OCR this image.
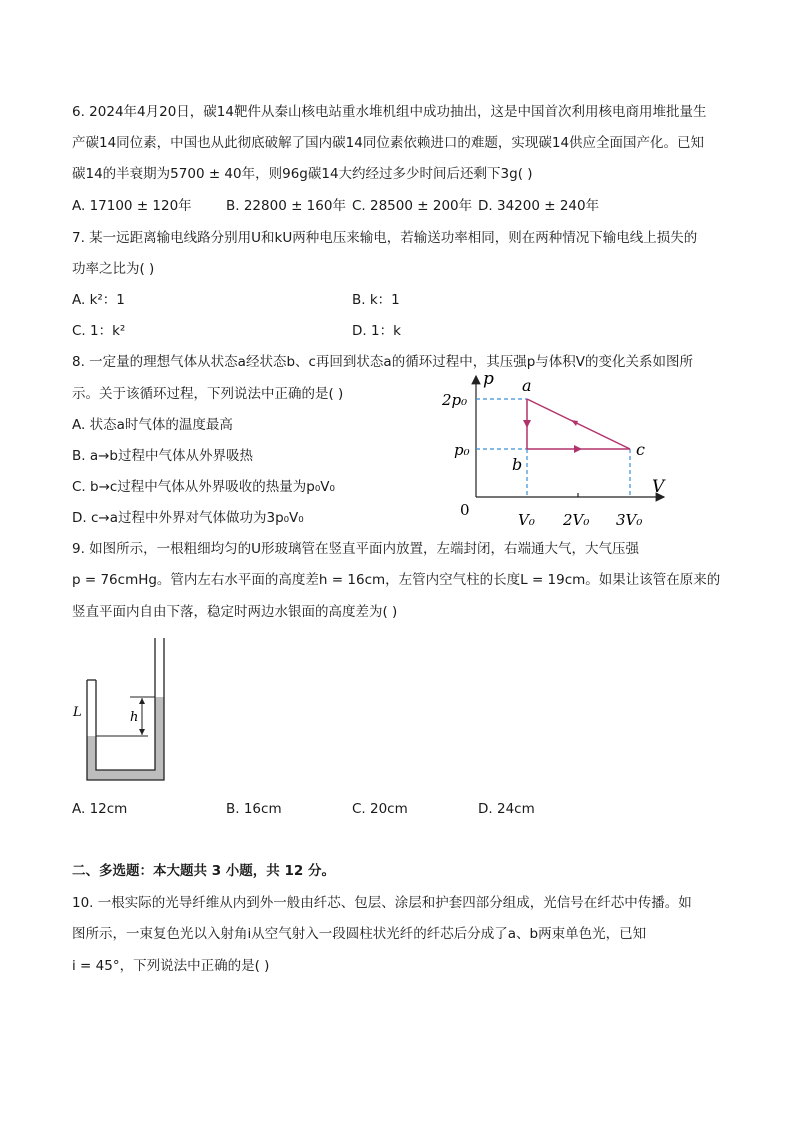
6. 2024年4月20日，碳14靶件从秦山核电站重水堆机组中成功抽出，这是中国首次利用核电商用堆批量生
产碳14同位素，中国也从此彻底破解了国内碳14同位素依赖进口的难题，实现碳14供应全面国产化。已知
碳14的半衰期为5700 ± 40年，则96g碳14大约经过多少时间后还剩下3g( )
A. 17100 ± 120年	B. 22800 ± 160年 C. 28500 ± 200年 D. 34200 ± 240年
7. 某一远距离输电线路分别用U和kU两种电压来输电，若输送功率相同，则在两种情况下输电线上损失的
功率之比为( )
A. k²：1	B. k：1
C. 1：k²	D. 1：k
8. 一定量的理想气体从状态a经状态b、c再回到状态a的循环过程中，其压强p与体积V的变化关系如图所
示。关于该循环过程，下列说法中正确的是( )
A. 状态a时气体的温度最高
B. a→b过程中气体从外界吸热
C. b→c过程中气体从外界吸收的热量为p₀V₀
D. c→a过程中外界对气体做功为3p₀V₀
p
V
0
2p₀
p₀
V₀ 2V₀ 3V₀
a
b
c
9. 如图所示，一根粗细均匀的U形玻璃管在竖直平面内放置，左端封闭，右端通大气，大气压强
p = 76cmHg。管内左右水平面的高度差h = 16cm，左管内空气柱的长度L = 19cm。如果让该管在原来的
竖直平面内自由下落，稳定时两边水银面的高度差为( )
h
L
A. 12cm	B. 16cm	C. 20cm	D. 24cm
二、多选题：本大题共 3 小题，共 12 分。
10. 一根实际的光导纤维从内到外一般由纤芯、包层、涂层和护套四部分组成，光信号在纤芯中传播。如
图所示，一束复色光以入射角i从空气射入一段圆柱状光纤的纤芯后分成了a、b两束单色光，已知
i = 45°，下列说法中正确的是( )
